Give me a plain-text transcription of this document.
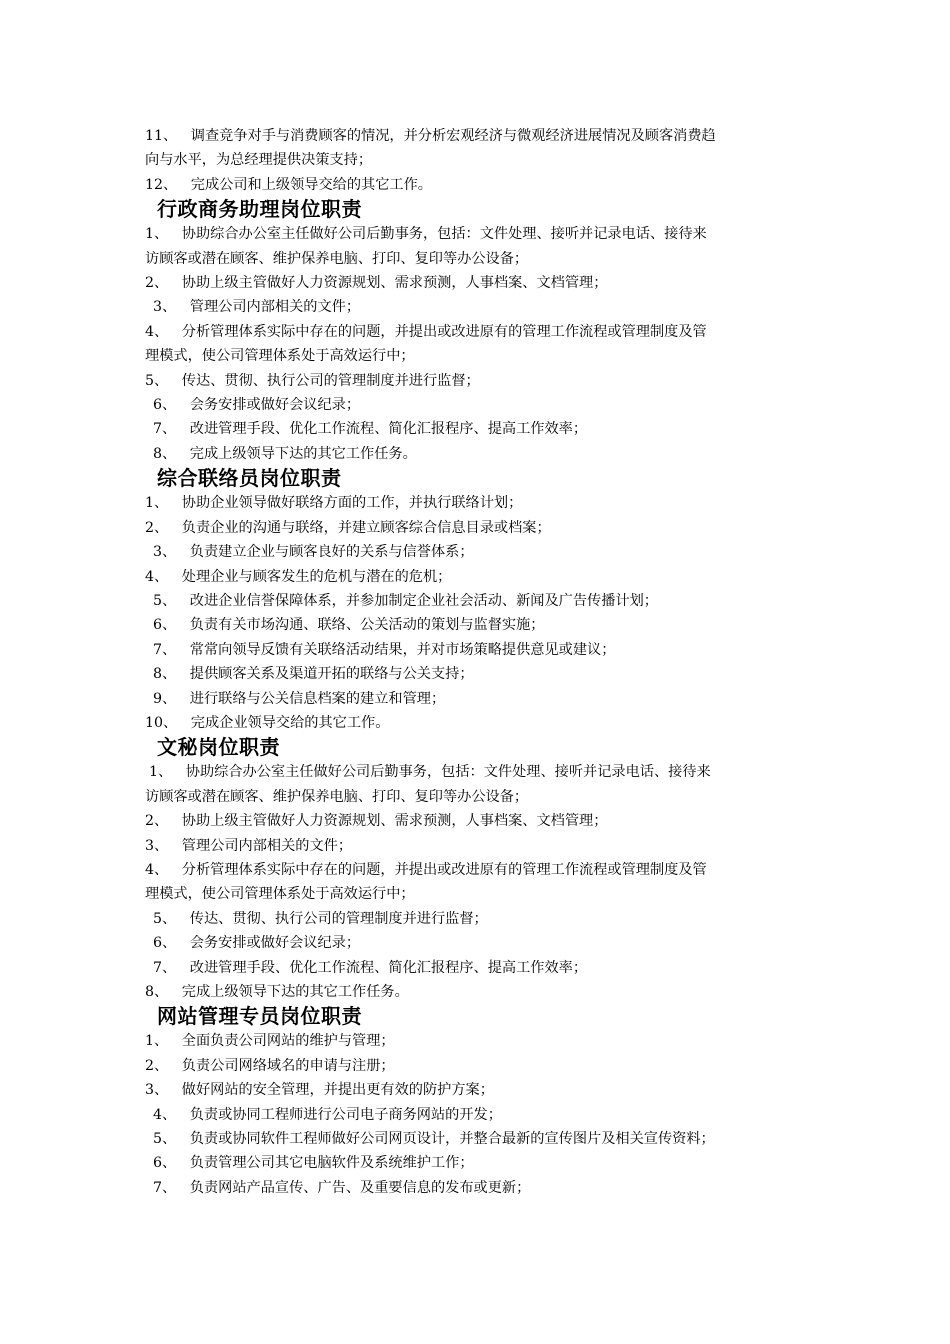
11、 调查竞争对手与消费顾客的情况，并分析宏观经济与微观经济进展情况及顾客消费趋
向与水平，为总经理提供决策支持；
12、 完成公司和上级领导交给的其它工作。
行政商务助理岗位职责
1、 协助综合办公室主任做好公司后勤事务，包括：文件处理、接听并记录电话、接待来
访顾客或潜在顾客、维护保养电脑、打印、复印等办公设备；
2、 协助上级主管做好人力资源规划、需求预测，人事档案、文档管理；
3、 管理公司内部相关的文件；
4、 分析管理体系实际中存在的问题，并提出或改进原有的管理工作流程或管理制度及管
理模式，使公司管理体系处于高效运行中；
5、 传达、贯彻、执行公司的管理制度并进行监督；
6、 会务安排或做好会议纪录；
7、 改进管理手段、优化工作流程、简化汇报程序、提高工作效率；
8、 完成上级领导下达的其它工作任务。
综合联络员岗位职责
1、 协助企业领导做好联络方面的工作，并执行联络计划；
2、 负责企业的沟通与联络，并建立顾客综合信息目录或档案；
3、 负责建立企业与顾客良好的关系与信誉体系；
4、 处理企业与顾客发生的危机与潜在的危机；
5、 改进企业信誉保障体系，并参加制定企业社会活动、新闻及广告传播计划；
6、 负责有关市场沟通、联络、公关活动的策划与监督实施；
7、 常常向领导反馈有关联络活动结果，并对市场策略提供意见或建议；
8、 提供顾客关系及渠道开拓的联络与公关支持；
9、 进行联络与公关信息档案的建立和管理；
10、 完成企业领导交给的其它工作。
文秘岗位职责
1、 协助综合办公室主任做好公司后勤事务，包括：文件处理、接听并记录电话、接待来
访顾客或潜在顾客、维护保养电脑、打印、复印等办公设备；
2、 协助上级主管做好人力资源规划、需求预测，人事档案、文档管理；
3、 管理公司内部相关的文件；
4、 分析管理体系实际中存在的问题，并提出或改进原有的管理工作流程或管理制度及管
理模式，使公司管理体系处于高效运行中；
5、 传达、贯彻、执行公司的管理制度并进行监督；
6、 会务安排或做好会议纪录；
7、 改进管理手段、优化工作流程、简化汇报程序、提高工作效率；
8、 完成上级领导下达的其它工作任务。
网站管理专员岗位职责
1、 全面负责公司网站的维护与管理；
2、 负责公司网络域名的申请与注册；
3、 做好网站的安全管理，并提出更有效的防护方案；
4、 负责或协同工程师进行公司电子商务网站的开发；
5、 负责或协同软件工程师做好公司网页设计，并整合最新的宣传图片及相关宣传资料；
6、 负责管理公司其它电脑软件及系统维护工作；
7、 负责网站产品宣传、广告、及重要信息的发布或更新；
